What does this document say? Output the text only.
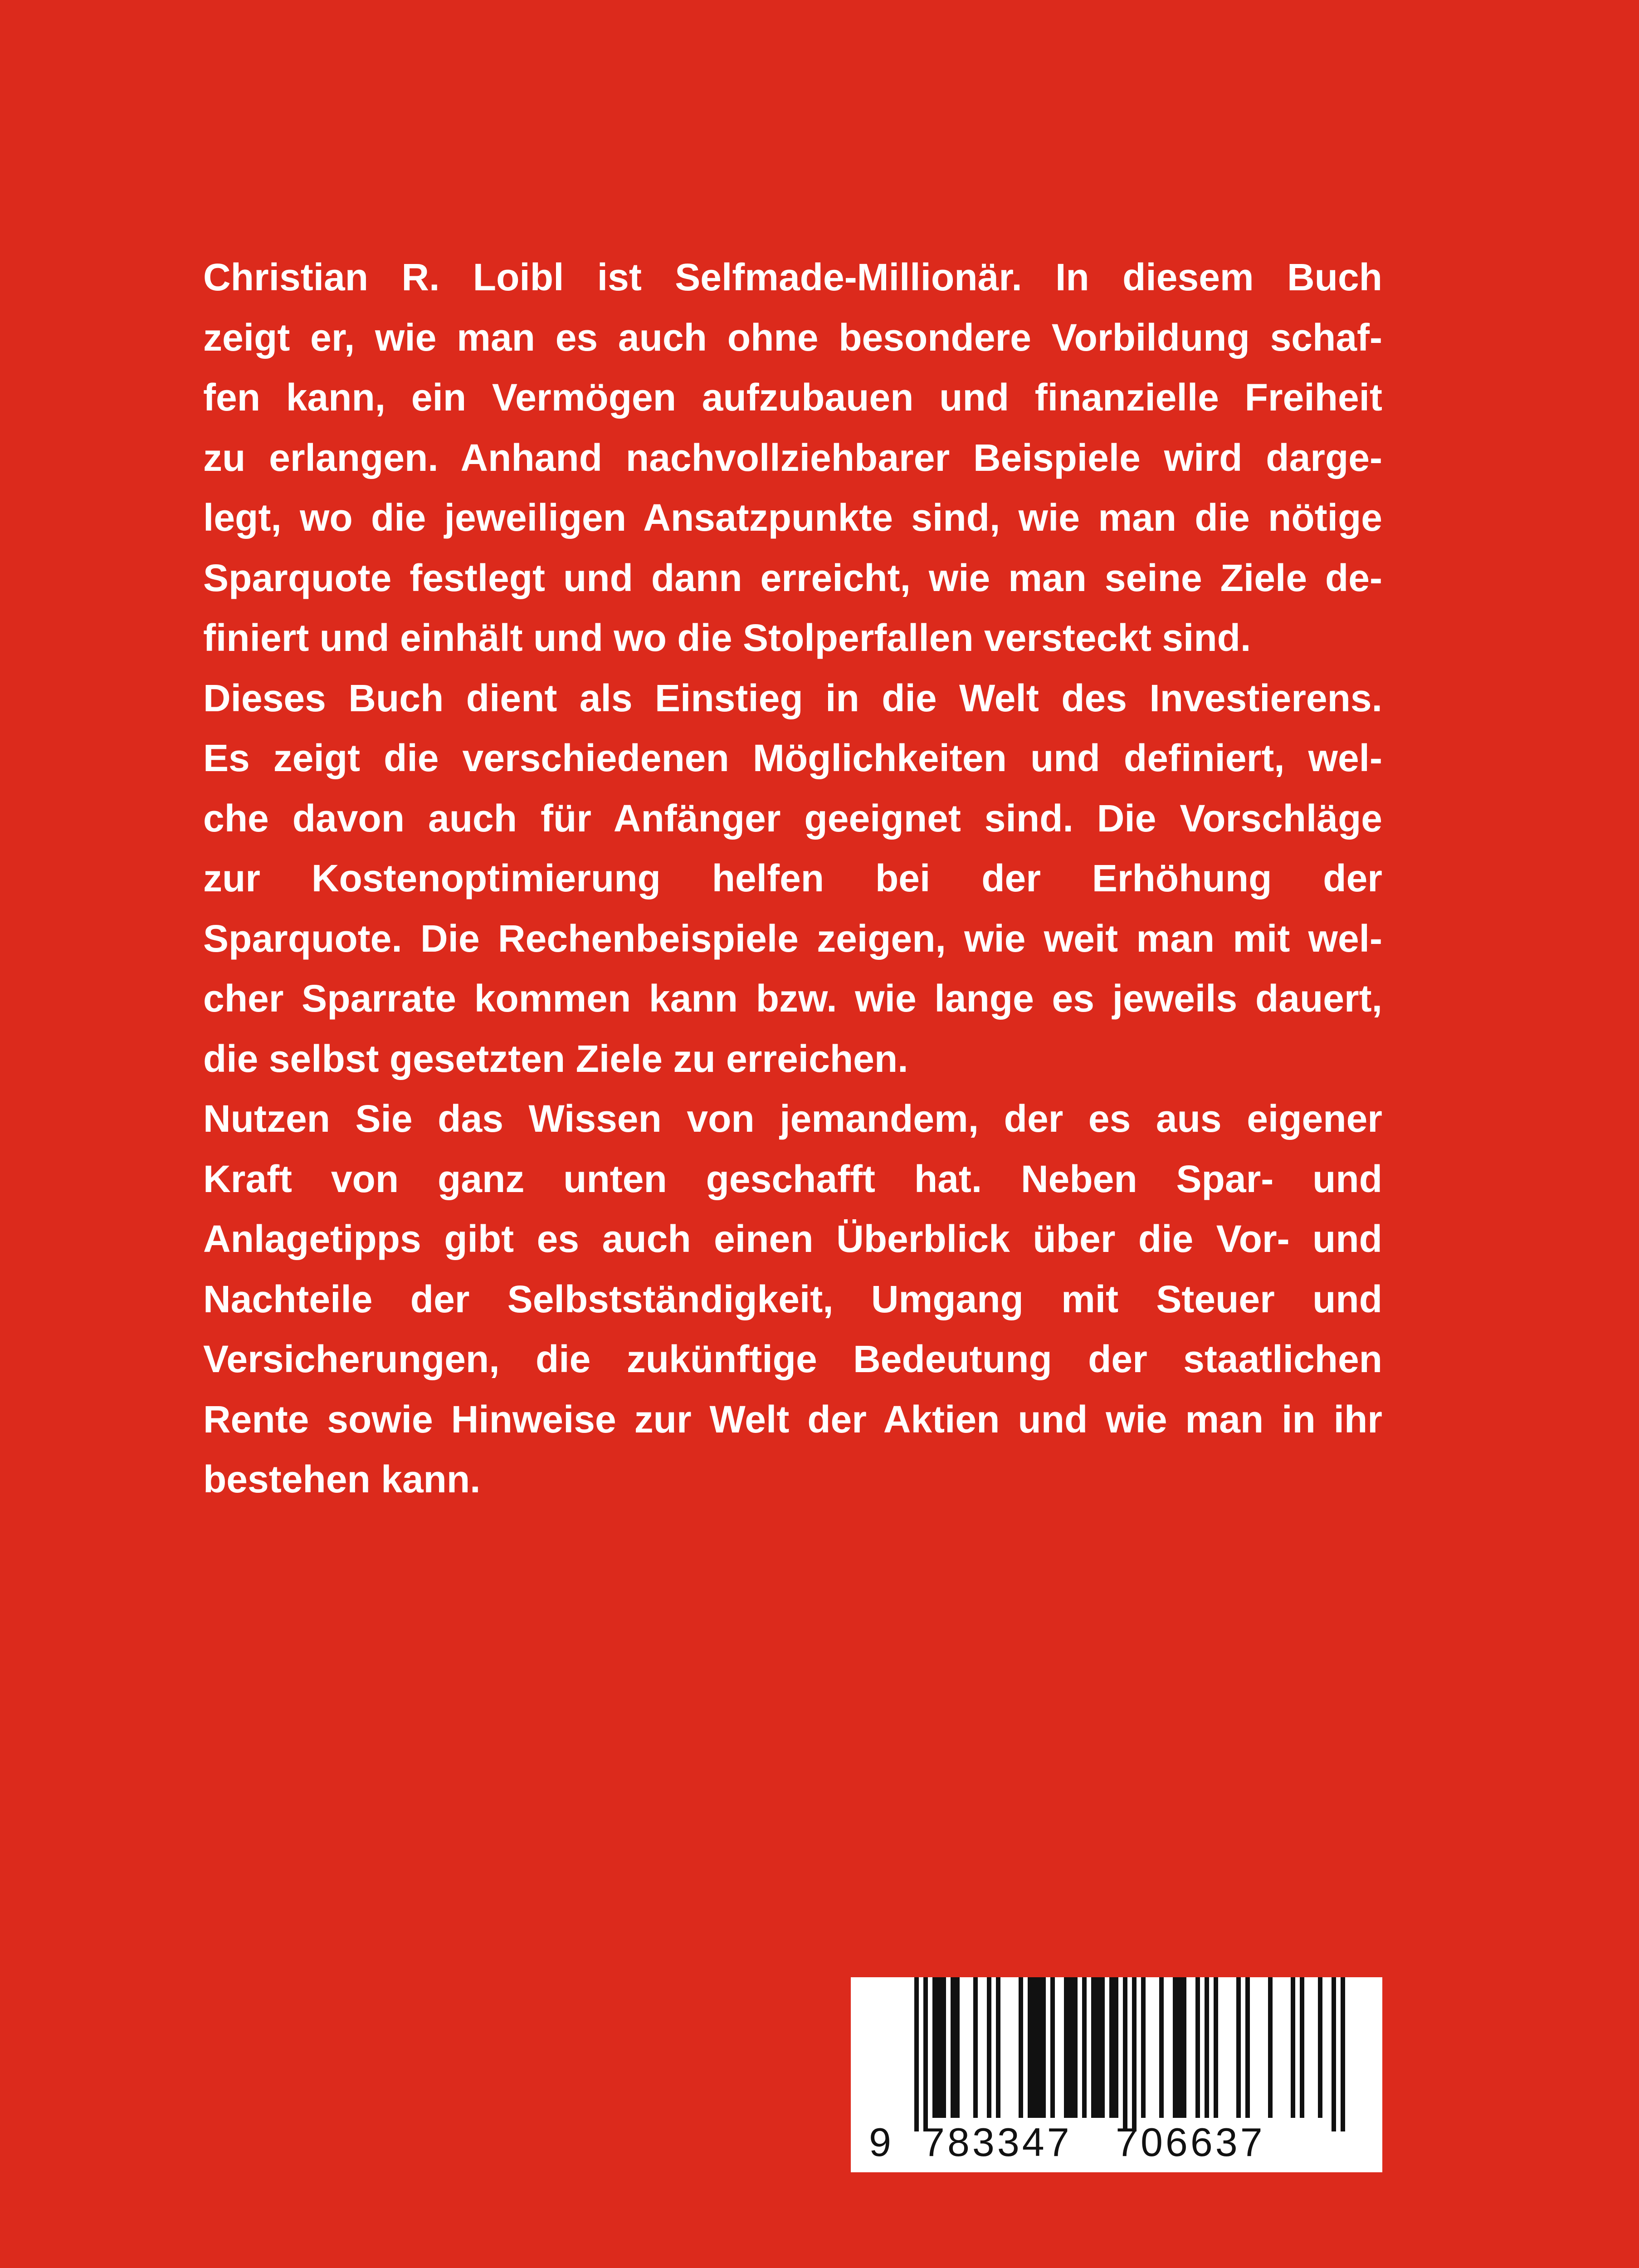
Christian R. Loibl ist Selfmade-Millionär. In diesem Buch
zeigt er, wie man es auch ohne besondere Vorbildung schaf-
fen kann, ein Vermögen aufzubauen und finanzielle Freiheit
zu erlangen. Anhand nachvollziehbarer Beispiele wird darge-
legt, wo die jeweiligen Ansatzpunkte sind, wie man die nötige
Sparquote festlegt und dann erreicht, wie man seine Ziele de-
finiert und einhält und wo die Stolperfallen versteckt sind.
Dieses Buch dient als Einstieg in die Welt des Investierens.
Es zeigt die verschiedenen Möglichkeiten und definiert, wel-
che davon auch für Anfänger geeignet sind. Die Vorschläge
zur Kostenoptimierung helfen bei der Erhöhung der
Sparquote. Die Rechenbeispiele zeigen, wie weit man mit wel-
cher Sparrate kommen kann bzw. wie lange es jeweils dauert,
die selbst gesetzten Ziele zu erreichen.
Nutzen Sie das Wissen von jemandem, der es aus eigener
Kraft von ganz unten geschafft hat. Neben Spar- und
Anlagetipps gibt es auch einen Überblick über die Vor- und
Nachteile der Selbstständigkeit, Umgang mit Steuer und
Versicherungen, die zukünftige Bedeutung der staatlichen
Rente sowie Hinweise zur Welt der Aktien und wie man in ihr
bestehen kann.
9 783347 706637
